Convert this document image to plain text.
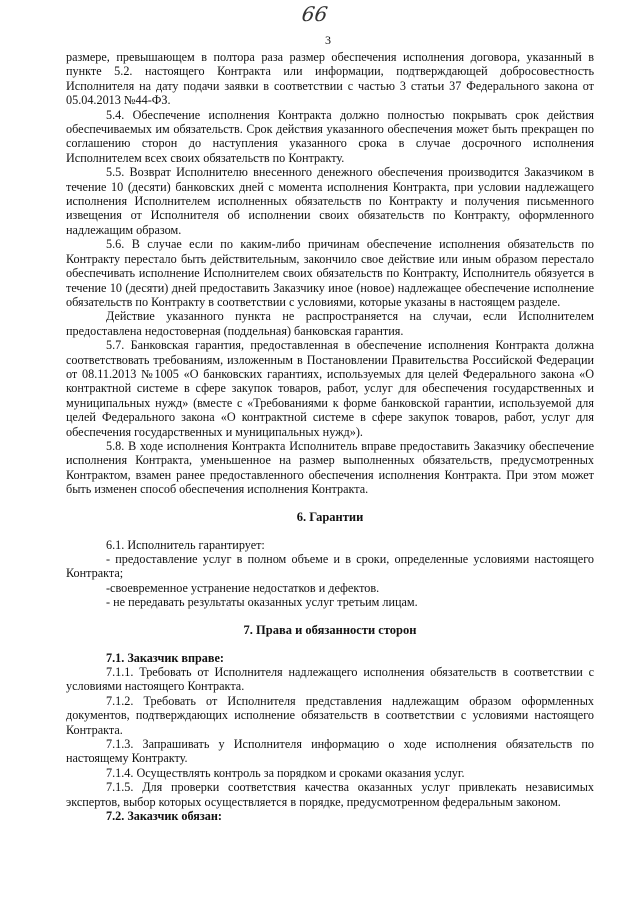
66
3

размере, превышающем в полтора раза размер обеспечения исполнения договора, указанный в пункте 5.2. настоящего Контракта или информации, подтверждающей добросовестность Исполнителя на дату подачи заявки в соответствии с частью 3 статьи 37 Федерального закона от 05.04.2013 №44-ФЗ.

5.4. Обеспечение исполнения Контракта должно полностью покрывать срок действия обеспечиваемых им обязательств. Срок действия указанного обеспечения может быть прекращен по соглашению сторон до наступления указанного срока в случае досрочного исполнения Исполнителем всех своих обязательств по Контракту.

5.5. Возврат Исполнителю внесенного денежного обеспечения производится Заказчиком в течение 10 (десяти) банковских дней с момента исполнения Контракта, при условии надлежащего исполнения Исполнителем исполненных обязательств по Контракту и получения письменного извещения от Исполнителя об исполнении своих обязательств по Контракту, оформленного надлежащим образом.

5.6. В случае если по каким-либо причинам обеспечение исполнения обязательств по Контракту перестало быть действительным, закончило свое действие или иным образом перестало обеспечивать исполнение Исполнителем своих обязательств по Контракту, Исполнитель обязуется в течение 10 (десяти) дней предоставить Заказчику иное (новое) надлежащее обеспечение исполнение обязательств по Контракту в соответствии с условиями, которые указаны в настоящем разделе.

Действие указанного пункта не распространяется на случаи, если Исполнителем предоставлена недостоверная (поддельная) банковская гарантия.

5.7. Банковская гарантия, предоставленная в обеспечение исполнения Контракта должна соответствовать требованиям, изложенным в Постановлении Правительства Российской Федерации от 08.11.2013 №1005 «О банковских гарантиях, используемых для целей Федерального закона «О контрактной системе в сфере закупок товаров, работ, услуг для обеспечения государственных и муниципальных нужд» (вместе с «Требованиями к форме банковской гарантии, используемой для целей Федерального закона «О контрактной системе в сфере закупок товаров, работ, услуг для обеспечения государственных и муниципальных нужд»).

5.8. В ходе исполнения Контракта Исполнитель вправе предоставить Заказчику обеспечение исполнения Контракта, уменьшенное на размер выполненных обязательств, предусмотренных Контрактом, взамен ранее предоставленного обеспечения исполнения Контракта. При этом может быть изменен способ обеспечения исполнения Контракта.

6. Гарантии

6.1. Исполнитель гарантирует:

- предоставление услуг в полном объеме и в сроки, определенные условиями настоящего Контракта;

-своевременное устранение недостатков и дефектов.

- не передавать результаты оказанных услуг третьим лицам.

7. Права и обязанности сторон

7.1. Заказчик вправе:

7.1.1. Требовать от Исполнителя надлежащего исполнения обязательств в соответствии с условиями настоящего Контракта.

7.1.2. Требовать от Исполнителя представления надлежащим образом оформленных документов, подтверждающих исполнение обязательств в соответствии с условиями настоящего Контракта.

7.1.3. Запрашивать у Исполнителя информацию о ходе исполнения обязательств по настоящему Контракту.

7.1.4. Осуществлять контроль за порядком и сроками оказания услуг.

7.1.5. Для проверки соответствия качества оказанных услуг привлекать независимых экспертов, выбор которых осуществляется в порядке, предусмотренном федеральным законом.

7.2. Заказчик обязан:
